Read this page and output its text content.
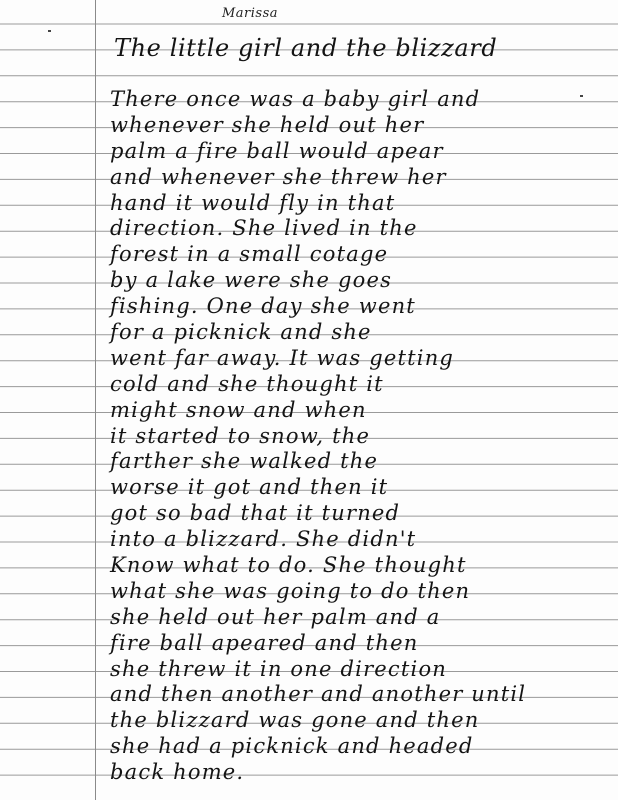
Marissa
The little girl and the blizzard
There once was a baby girl and
whenever she held out her
palm a fire ball would apear
and whenever she threw her
hand it would fly in that
direction. She lived in the
forest in a small cotage
by a lake were she goes
fishing. One day she went
for a picknick and she
went far away. It was getting
cold and she thought it
might snow and when
it started to snow, the
farther she walked the
worse it got and then it
got so bad that it turned
into a blizzard. She didn't
Know what to do. She thought
what she was going to do then
she held out her palm and a
fire ball apeared and then
she threw it in one direction
and then another and another until
the blizzard was gone and then
she had a picknick and headed
back home.
